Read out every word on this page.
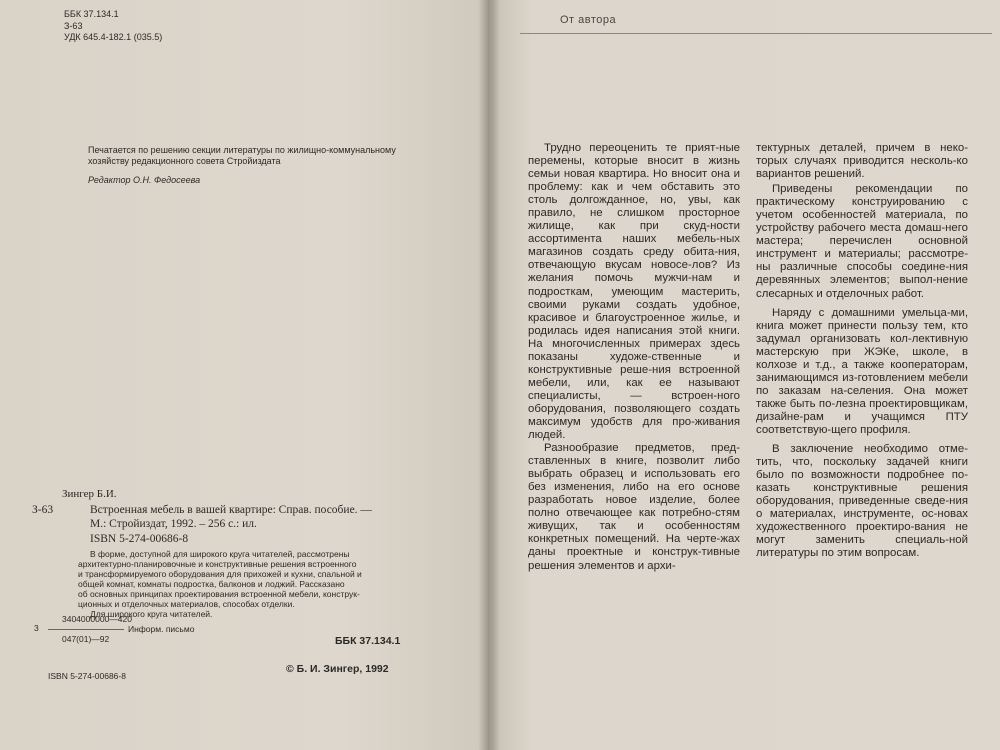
ББК 37.134.1
З-63
УДК 645.4-182.1 (035.5)
Печатается по решению секции литературы по жилищно-коммунальному
хозяйству редакционного совета Стройиздата
Редактор О.Н. Федосеева
Зингер Б.И.
З-63	Встроенная мебель в вашей квартире: Справ. пособие. —
М.: Стройиздат, 1992. – 256 с.: ил.
ISBN 5-274-00686-8
В форме, доступной для широкого круга читателей, рассмотрены
архитектурно-планировочные и конструктивные решения встроенного
и трансформируемого оборудования для прихожей и кухни, спальной и
общей комнат, комнаты подростка, балконов и лоджий. Рассказано
об основных принципах проектирования встроенной мебели, конструк-
ционных и отделочных материалов, способах отделки.
Для широкого круга читателей.
3404000000—420
3	Информ. письмо
047(01)—92	ББК 37.134.1
ISBN 5-274-00686-8
© Б. И. Зингер, 1992
От автора

Трудно переоценить те прият-ные перемены, которые вносит в жизнь семьи новая квартира. Но вносит она и проблему: как и чем обставить это столь долгожданное, но, увы, как правило, не слишком просторное жилище, как при скуд-ности ассортимента наших мебель-ных магазинов создать среду обита-ния, отвечающую вкусам новосе-лов? Из желания помочь мужчи-нам и подросткам, умеющим мастерить, своими руками создать удобное, красивое и благоустроенное жилье, и родилась идея написания этой книги. На многочисленных примерах здесь показаны художе-ственные и конструктивные реше-ния встроенной мебели, или, как ее называют специалисты, — встроен-ного оборудования, позволяющего создать максимум удобств для про-живания людей.

Разнообразие предметов, пред-ставленных в книге, позволит либо выбрать образец и использовать его без изменения, либо на его основе разработать новое изделие, более полно отвечающее как потребно-стям живущих, так и особенностям конкретных помещений. На черте-жах даны проектные и конструк-тивные решения элементов и архи-

тектурных деталей, причем в неко-торых случаях приводится несколь-ко вариантов решений.

Приведены рекомендации по практическому конструированию с учетом особенностей материала, по устройству рабочего места домаш-него мастера; перечислен основной инструмент и материалы; рассмотре-ны различные способы соедине-ния деревянных элементов; выпол-нение слесарных и отделочных работ.

Наряду с домашними умельца-ми, книга может принести пользу тем, кто задумал организовать кол-лективную мастерскую при ЖЭКе, школе, в колхозе и т.д., а также кооператорам, занимающимся из-готовлением мебели по заказам на-селения. Она может также быть по-лезна проектировщикам, дизайне-рам и учащимся ПТУ соответствую-щего профиля.

В заключение необходимо отме-тить, что, поскольку задачей книги было по возможности подробнее по-казать конструктивные решения оборудования, приведенные сведе-ния о материалах, инструменте, ос-новах художественного проектиро-вания не могут заменить специаль-ной литературы по этим вопросам.
